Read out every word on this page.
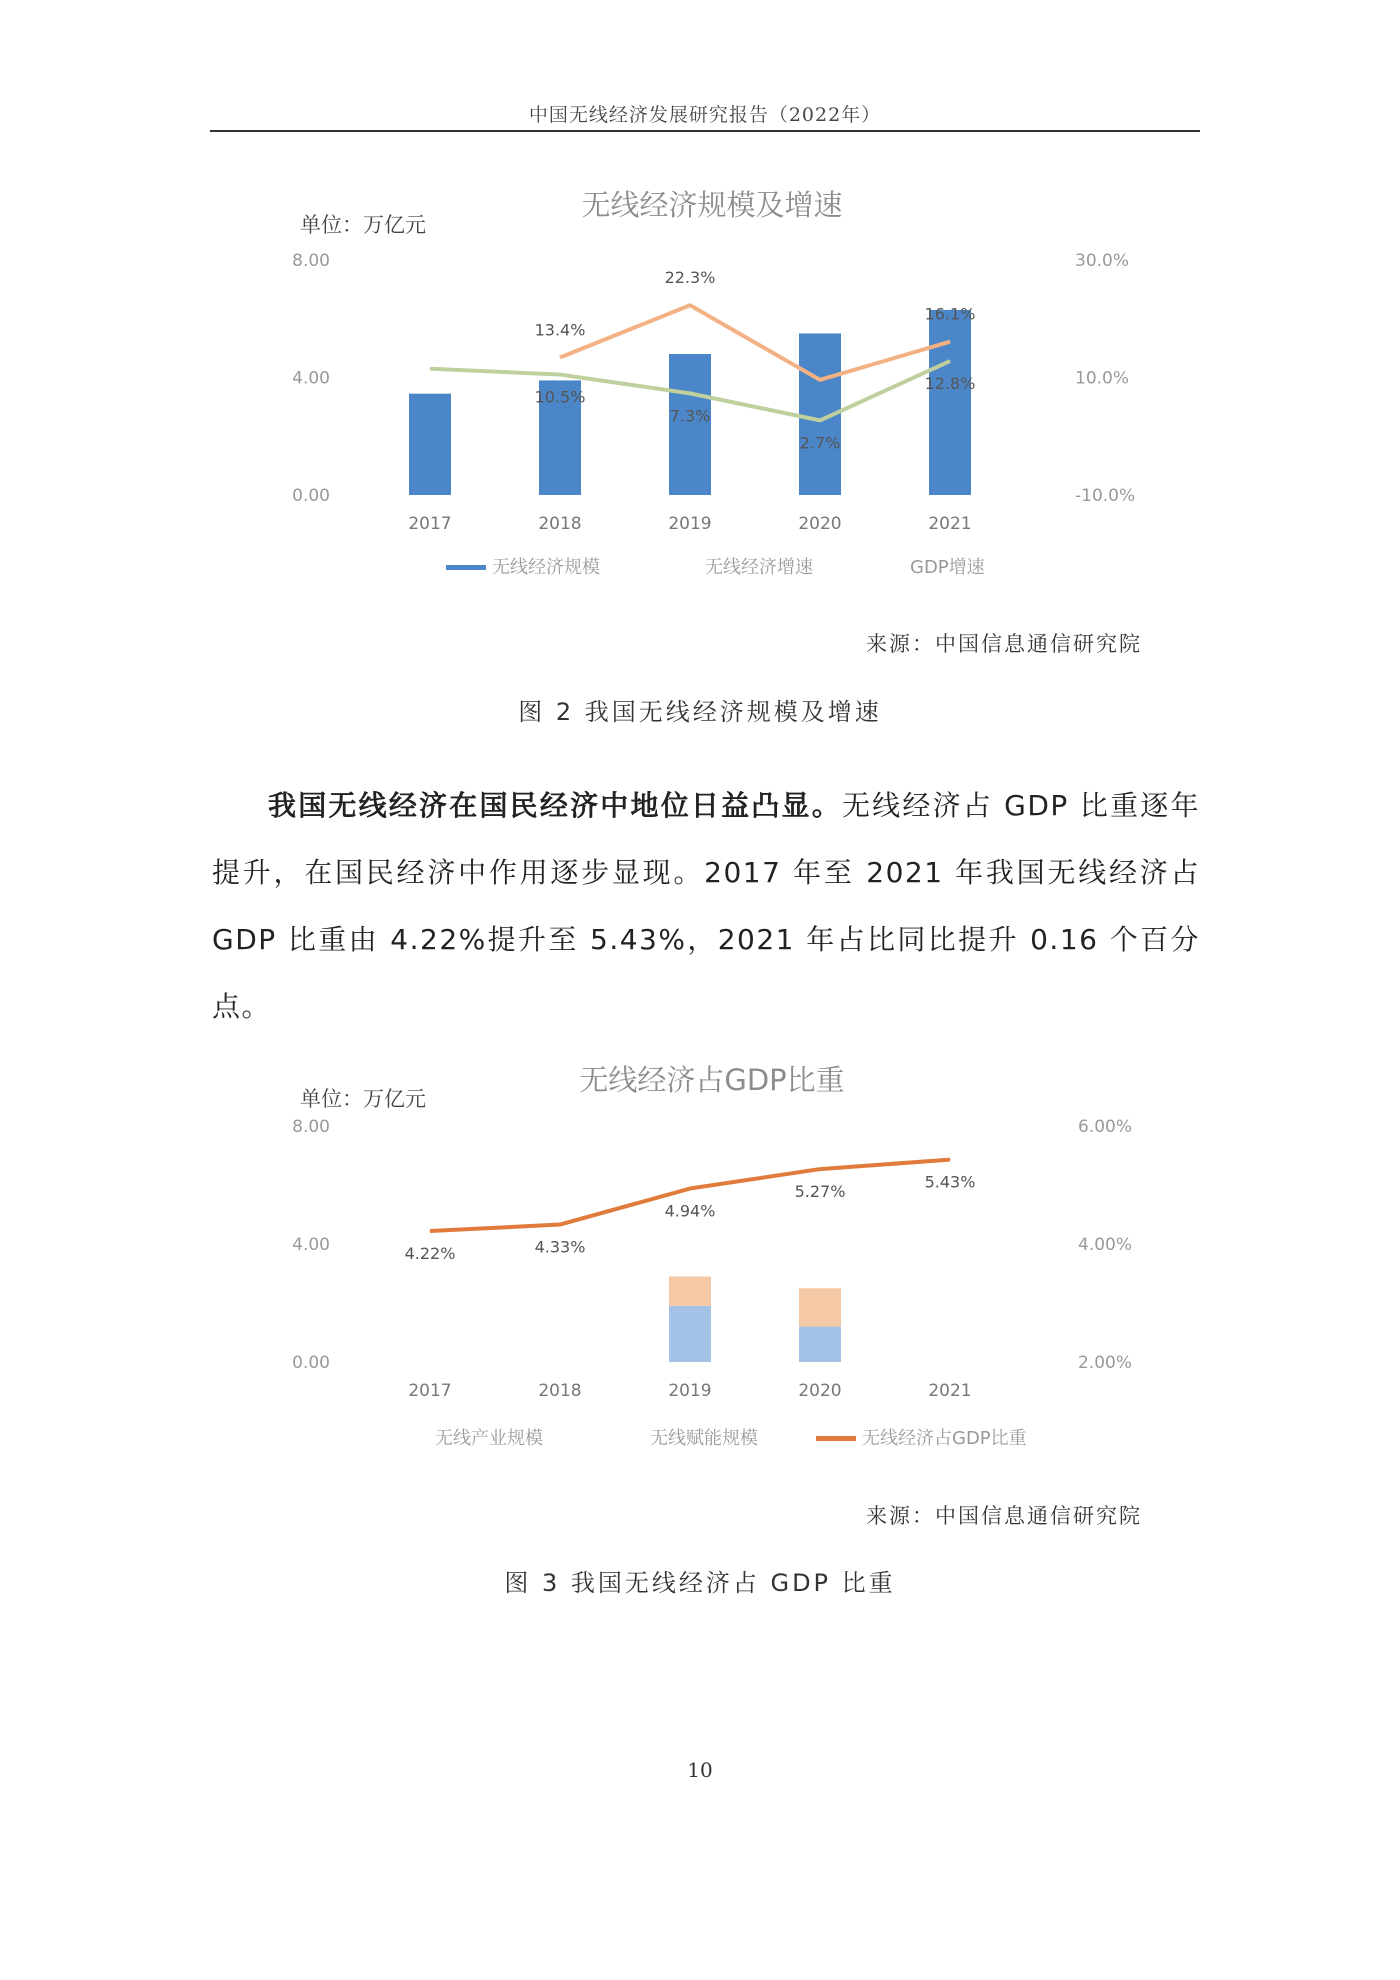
中国无线经济发展研究报告（2022年）
无线经济规模及增速
单位：万亿元
8.00
4.00
0.00
30.0%
10.0%
-10.0%
13.4%
22.3%
16.1%
10.5%
7.3%
2.7%
12.8%
2017	2018	2019	2020	2021
无线经济规模	无线经济增速	GDP增速
来源：中国信息通信研究院
图 2 我国无线经济规模及增速
我国无线经济在国民经济中地位日益凸显。无线经济占 GDP 比重逐年提升，在国民经济中作用逐步显现。2017 年至 2021 年我国无线经济占 GDP 比重由 4.22%提升至 5.43%，2021 年占比同比提升 0.16 个百分点。
无线经济占GDP比重
单位：万亿元
8.00
4.00
0.00
6.00%
4.00%
2.00%
4.22%	4.33%
4.94%
5.27%	5.43%
2017	2018	2019	2020	2021
无线产业规模	无线赋能规模	无线经济占GDP比重
来源：中国信息通信研究院
图 3 我国无线经济占 GDP 比重
10
